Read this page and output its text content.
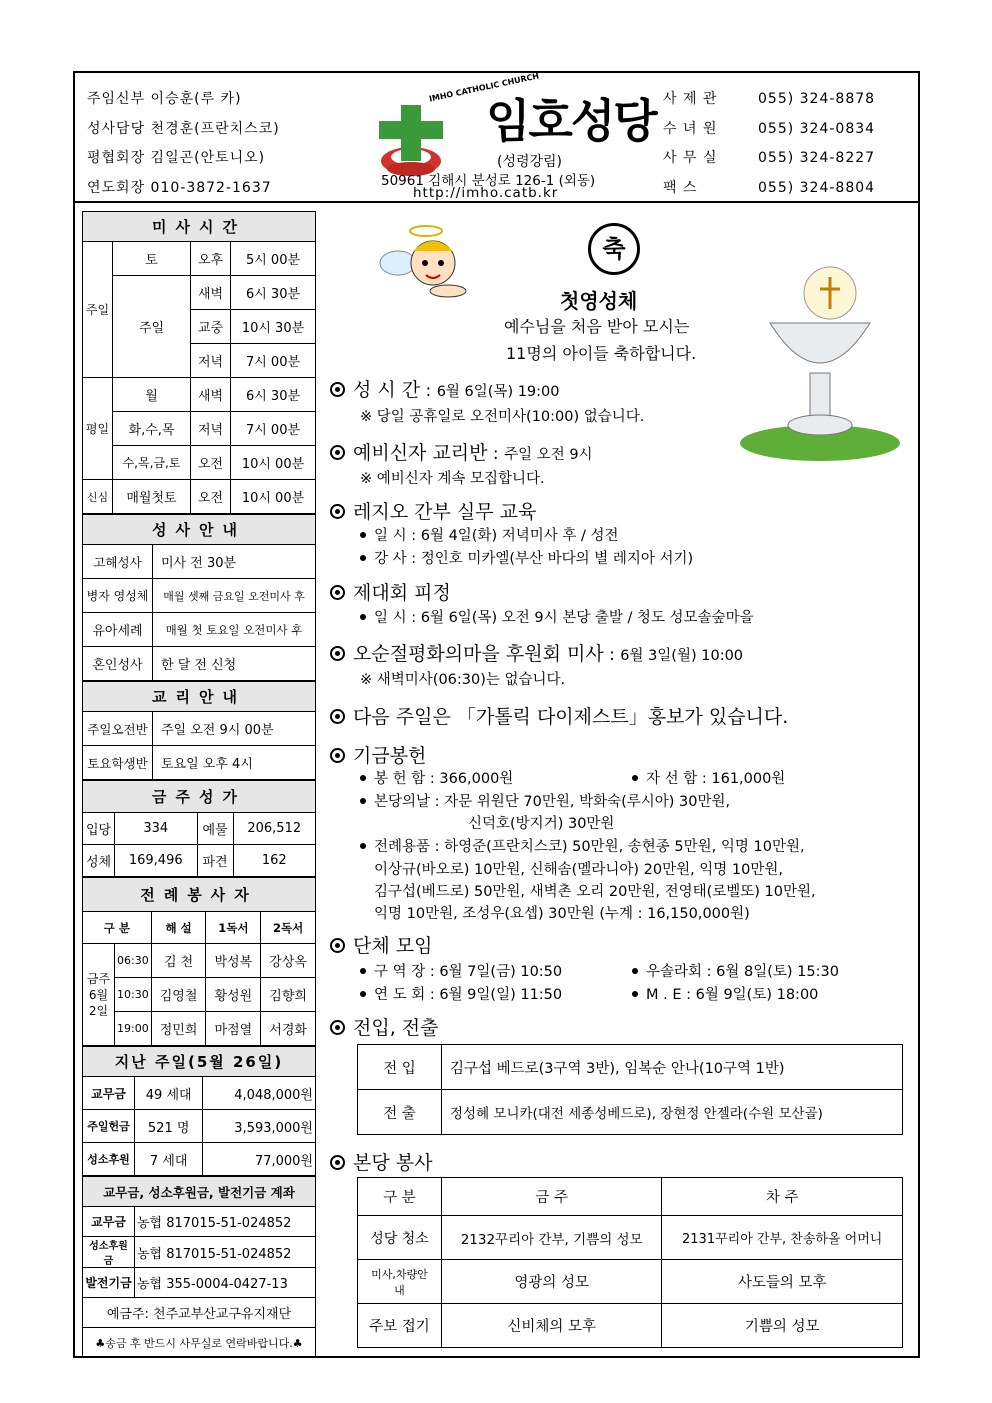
주임신부 이승훈(루 카)
성사담당 천경훈(프란치스코)
평협회장 김일곤(안토니오)
연도회장 010-3872-1637
IMHO CATHOLIC CHURCH
임호성당
(성령강림)
50961 김해시 분성로 126-1 (외동)
http://imho.catb.kr
사 제 관	055) 324-8878
수 녀 원	055) 324-0834
사 무 실	055) 324-8227
팩 스	055) 324-8804
미사시간			
주일	토	오후	5시 00분
	주일	새벽	6시 30분
		교중	10시 30분
		저녁	7시 00분
평일	월	새벽	6시 30분
	화,수,목	저녁	7시 00분
	수,목,금,토	오전	10시 00분
신심	매월첫토	오전	10시 00분
성사안내	
고해성사	미사 전 30분
병자 영성체	매월 셋째 금요일 오전미사 후
유아세례	매월 첫 토요일 오전미사 후
혼인성사	한 달 전 신청
교리안내	
주일오전반	주일 오전 9시 00분
토요학생반	토요일 오후 4시
금주성가			
입당	334	예물	206,512
성체	169,496	파견	162
전례봉사자				
구 분		해 설	1독서	2독서
금주 6월 2일	06:30	김 천	박성복	강상옥
	10:30	김영철	황성원	김향희
	19:00	정민희	마점열	서경화
지난 주일(5월 26일)		
교무금	49 세대	4,048,000원
주일헌금	521 명	3,593,000원
성소후원	7 세대	77,000원
교무금, 성소후원금, 발전기금 계좌	
교무금	농협 817015-51-024852
성소후원금	농협 817015-51-024852
발전기금	농협 355-0004-0427-13
예금주: 천주교부산교구유지재단	
♣송금 후 반드시 사무실로 연락바랍니다.♣	
축
첫영성체
예수님을 처음 받아 모시는
11명의 아이들 축하합니다.
성 시 간 : 6월 6일(목) 19:00
※ 당일 공휴일로 오전미사(10:00) 없습니다.
예비신자 교리반 : 주일 오전 9시
※ 예비신자 계속 모집합니다.
레지오 간부 실무 교육
일 시 : 6월 4일(화) 저녁미사 후 / 성전
강 사 : 정인호 미카엘(부산 바다의 별 레지아 서기)
제대회 피정
일 시 : 6월 6일(목) 오전 9시 본당 출발 / 청도 성모솔숲마을
오순절평화의마을 후원회 미사 : 6월 3일(월) 10:00
※ 새벽미사(06:30)는 없습니다.
다음 주일은 「가톨릭 다이제스트」홍보가 있습니다.
기금봉헌
봉 헌 함 : 366,000원	자 선 함 : 161,000원
본당의날 : 자문 위원단 70만원, 박화숙(루시아) 30만원,
신덕호(방지거) 30만원
전례용품 : 하영준(프란치스코) 50만원, 송현종 5만원, 익명 10만원,
이상규(바오로) 10만원, 신해솜(멜라니아) 20만원, 익명 10만원,
김구섭(베드로) 50만원, 새벽촌 오리 20만원, 전영태(로벨또) 10만원,
익명 10만원, 조성우(요셉) 30만원 (누계 : 16,150,000원)
단체 모임
구 역 장 : 6월 7일(금) 10:50	우솔라회 : 6월 8일(토) 15:30
연 도 회 : 6월 9일(일) 11:50	M . E : 6월 9일(토) 18:00
전입, 전출
전 입	김구섭 베드로(3구역 3반), 임복순 안나(10구역 1반)
전 출	정성혜 모니카(대전 세종성베드로), 장현정 안젤라(수원 모산골)
본당 봉사
구 분	금 주	차 주
성당 청소	2132꾸리아 간부, 기쁨의 성모	2131꾸리아 간부, 찬송하올 어머니
미사,차량안내	영광의 성모	사도들의 모후
주보 접기	신비체의 모후	기쁨의 성모
